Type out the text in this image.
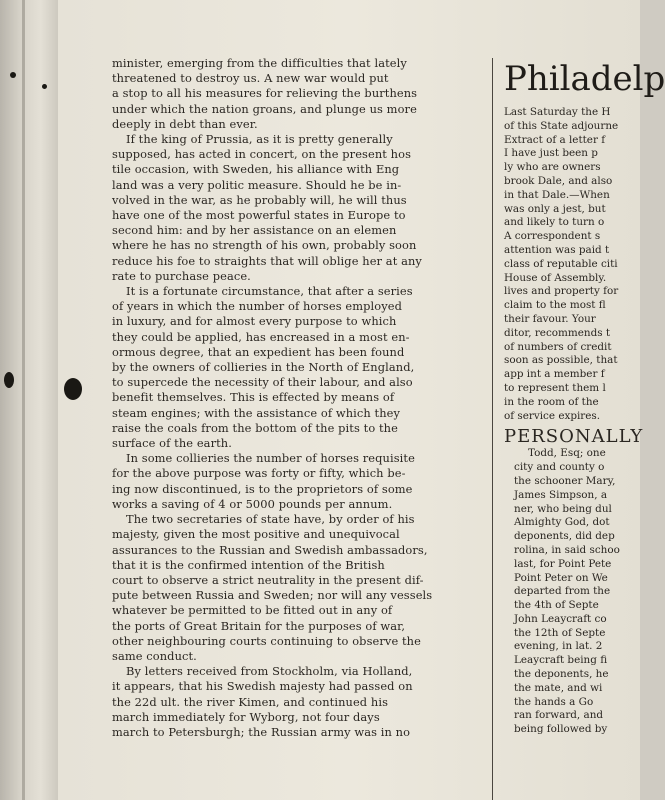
minister, emerging from the difficulties that lately
threatened to destroy us. A new war would put
a stop to all his measures for relieving the burthens
under which the nation groans, and plunge us more
deeply in debt than ever.
If the king of Prussia, as it is pretty generally
supposed, has acted in concert, on the present hos
tile occasion, with Sweden, his alliance with Eng
land was a very politic measure. Should he be in-
volved in the war, as he probably will, he will thus
have one of the most powerful states in Europe to
second him: and by her assistance on an elemen
where he has no strength of his own, probably soon
reduce his foe to straights that will oblige her at any
rate to purchase peace.
It is a fortunate circumstance, that after a series
of years in which the number of horses employed
in luxury, and for almost every purpose to which
they could be applied, has encreased in a most en-
ormous degree, that an expedient has been found
by the owners of collieries in the North of England,
to supercede the necessity of their labour, and also
benefit themselves. This is effected by means of
steam engines; with the assistance of which they
raise the coals from the bottom of the pits to the
surface of the earth.
In some collieries the number of horses requisite
for the above purpose was forty or fifty, which be-
ing now discontinued, is to the proprietors of some
works a saving of 4 or 5000 pounds per annum.
The two secretaries of state have, by order of his
majesty, given the most positive and unequivocal
assurances to the Russian and Swedish ambassadors,
that it is the confirmed intention of the British
court to observe a strict neutrality in the present dif-
pute between Russia and Sweden; nor will any vessels
whatever be permitted to be fitted out in any of
the ports of Great Britain for the purposes of war,
other neighbouring courts continuing to observe the
same conduct.
By letters received from Stockholm, via Holland,
it appears, that his Swedish majesty had passed on
the 22d ult. the river Kimen, and continued his
march immediately for Wyborg, not four days
march to Petersburgh; the Russian army was in no
Philadelp
Last Saturday the H
of this State adjourne
Extract of a letter f
I have just been p
ly who are owners
brook Dale, and also
in that Dale.—When
was only a jest, but
and likely to turn o
A correspondent s
attention was paid t
class of reputable citi
House of Assembly.
lives and property for
claim to the most fl
their favour. Your
ditor, recommends t
of numbers of credit
soon as possible, that
app int a member f
to represent them l
in the room of the
of service expires.
PERSONALLY
Todd, Esq; one
city and county o
the schooner Mary,
James Simpson, a
ner, who being dul
Almighty God, dot
deponents, did dep
rolina, in said schoo
last, for Point Pete
Point Peter on We
departed from the
the 4th of Septe
John Leaycraft co
the 12th of Septe
evening, in lat. 2
Leaycraft being fi
the deponents, he
the mate, and wi
the hands a Go
ran forward, and
being followed by
